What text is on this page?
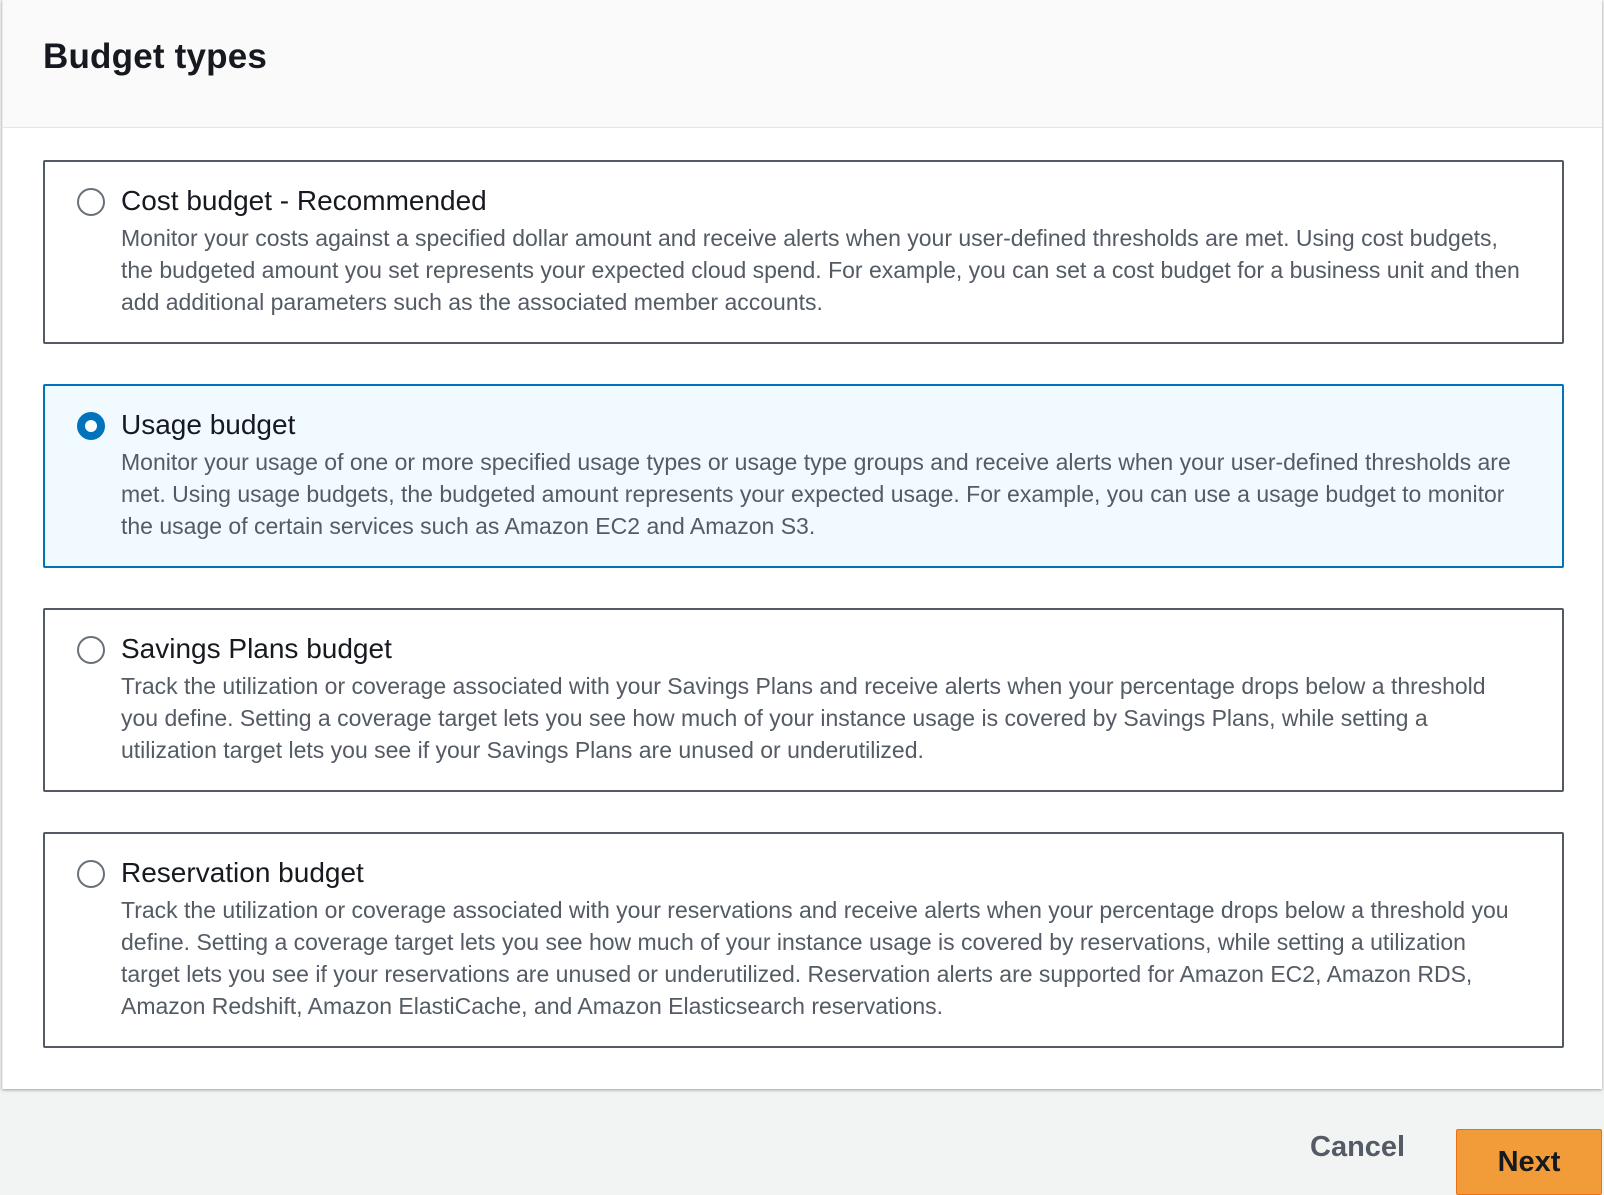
Budget types
Cost budget - Recommended

Monitor your costs against a specified dollar amount and receive alerts when your user-defined thresholds are met. Using cost budgets, the budgeted amount you set represents your expected cloud spend. For example, you can set a cost budget for a business unit and then add additional parameters such as the associated member accounts.

Usage budget

Monitor your usage of one or more specified usage types or usage type groups and receive alerts when your user-defined thresholds are met. Using usage budgets, the budgeted amount represents your expected usage. For example, you can use a usage budget to monitor the usage of certain services such as Amazon EC2 and Amazon S3.

Savings Plans budget

Track the utilization or coverage associated with your Savings Plans and receive alerts when your percentage drops below a threshold you define. Setting a coverage target lets you see how much of your instance usage is covered by Savings Plans, while setting a utilization target lets you see if your Savings Plans are unused or underutilized.

Reservation budget

Track the utilization or coverage associated with your reservations and receive alerts when your percentage drops below a threshold you define. Setting a coverage target lets you see how much of your instance usage is covered by reservations, while setting a utilization target lets you see if your reservations are unused or underutilized. Reservation alerts are supported for Amazon EC2, Amazon RDS, Amazon Redshift, Amazon ElastiCache, and Amazon Elasticsearch reservations.

Cancel	Next
